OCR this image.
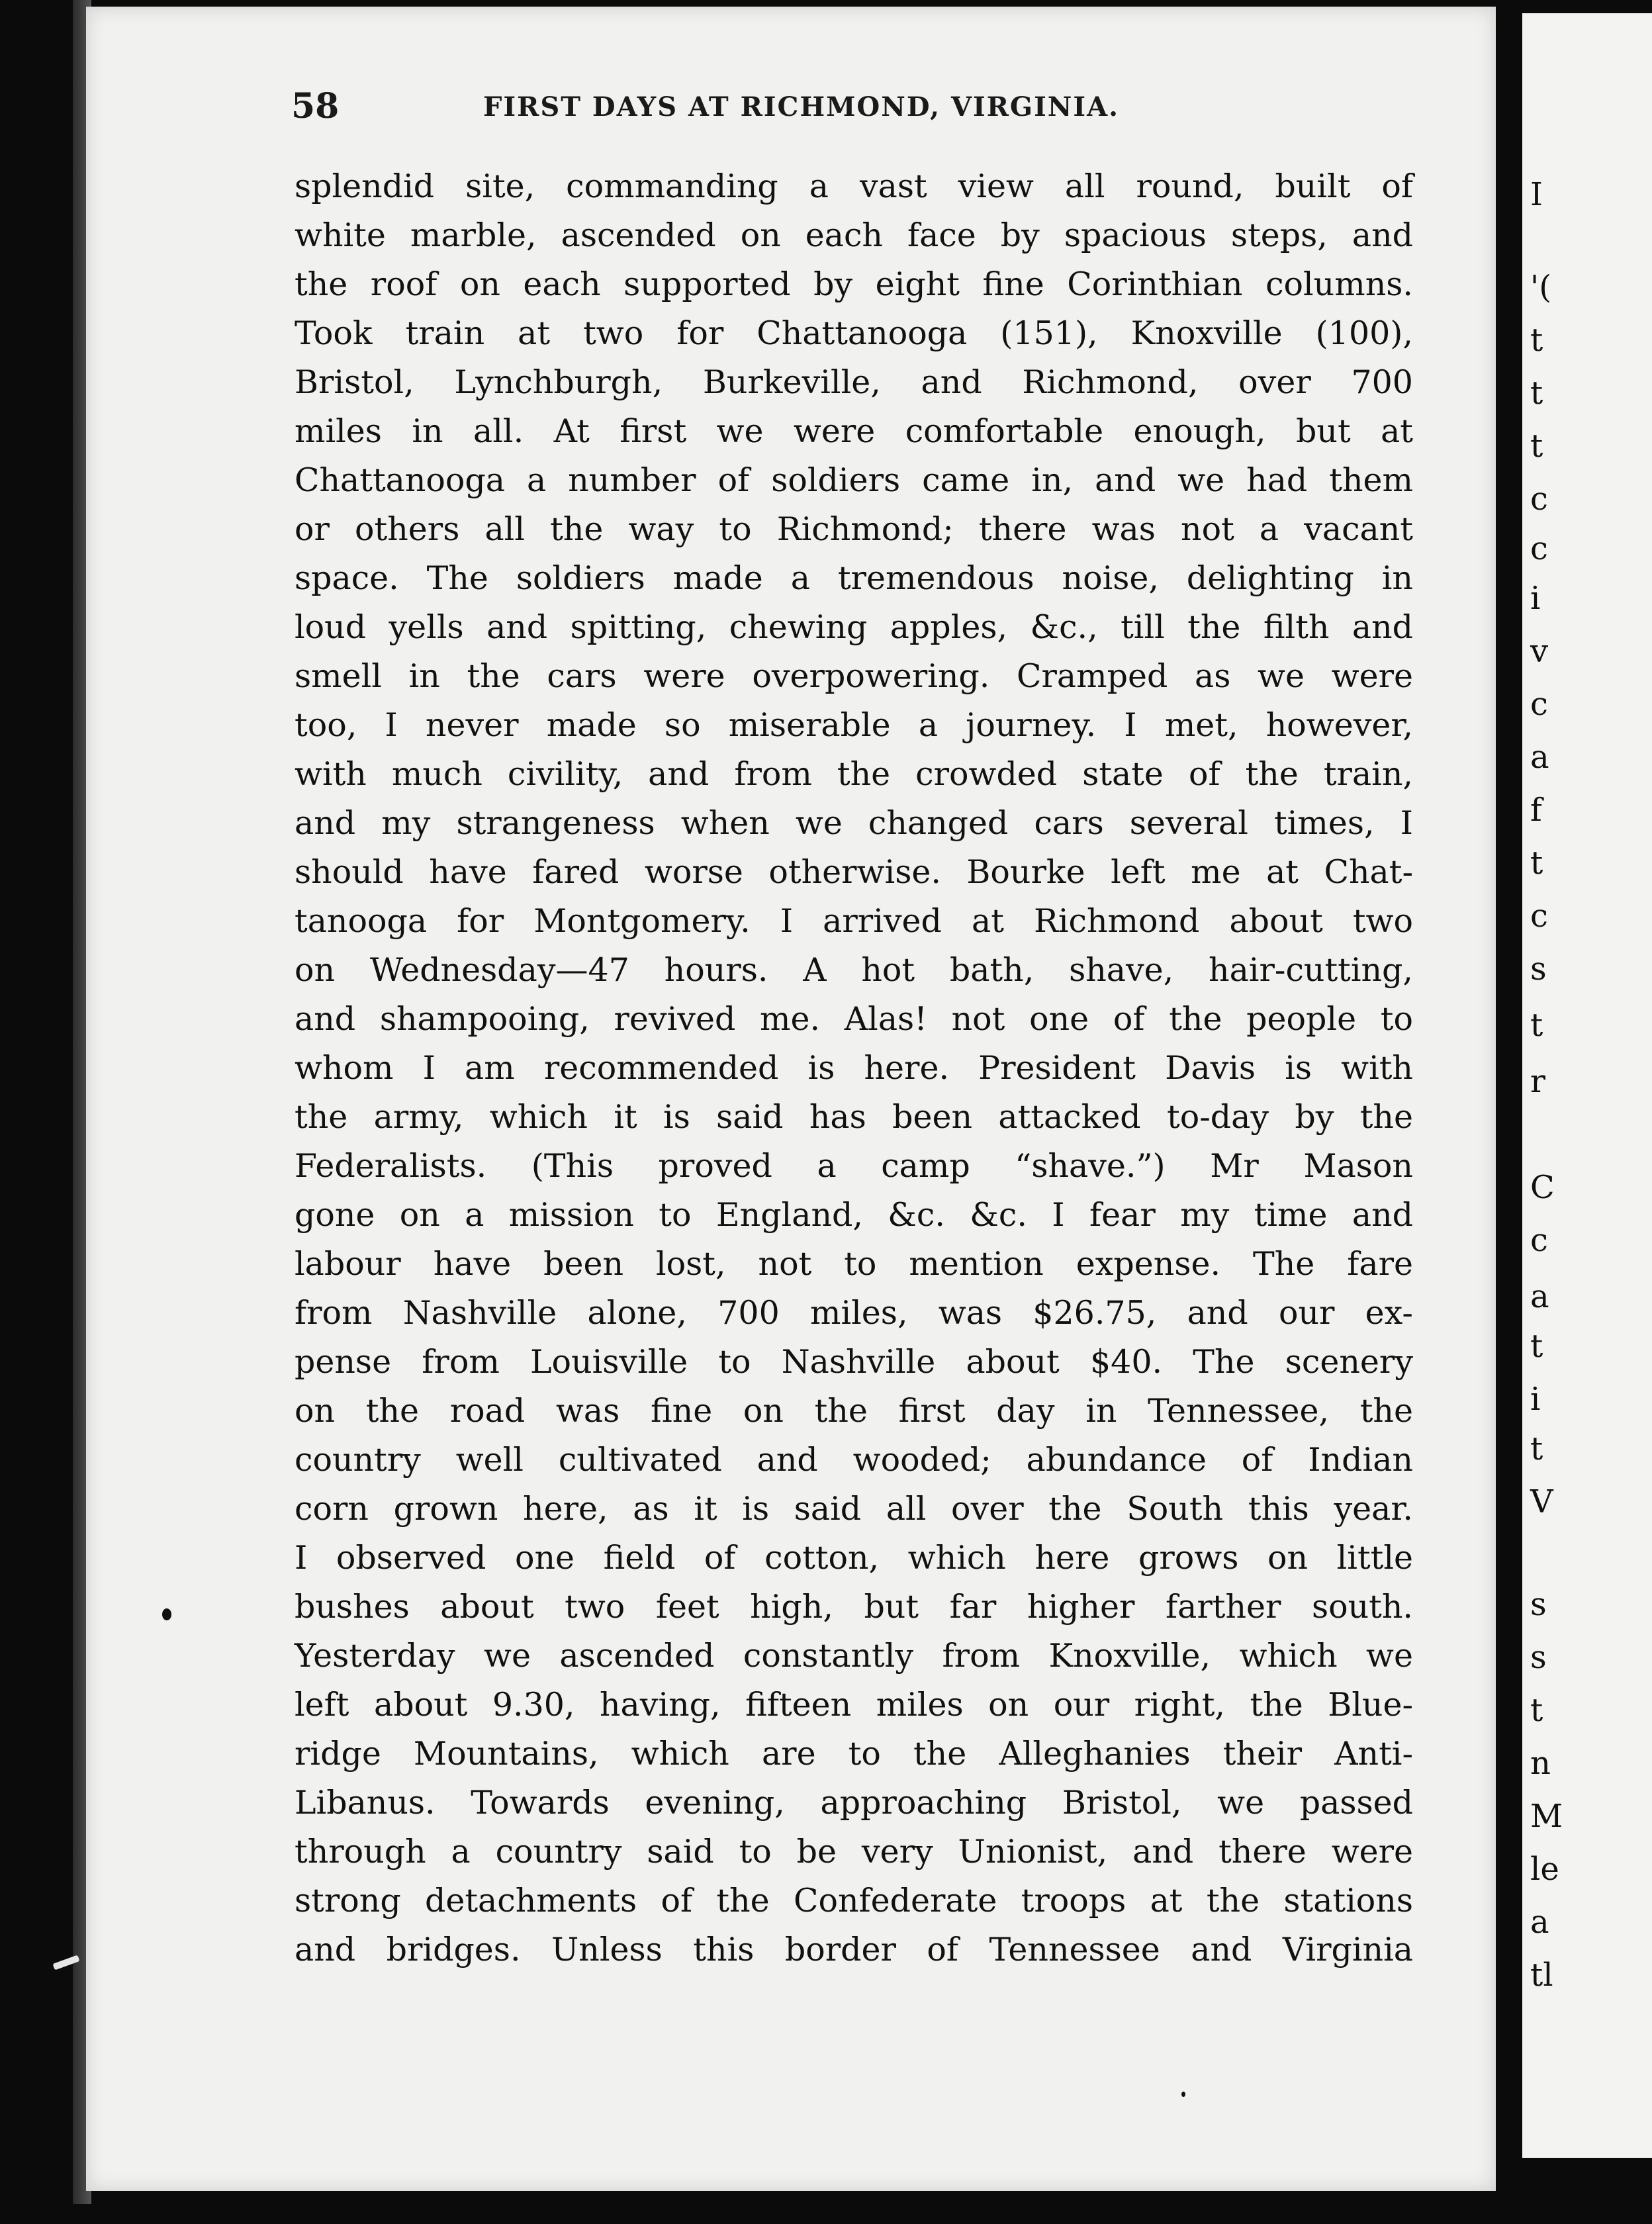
58	FIRST DAYS AT RICHMOND, VIRGINIA.
splendid site, commanding a vast view all round, built of
white marble, ascended on each face by spacious steps, and
the roof on each supported by eight fine Corinthian columns.
Took train at two for Chattanooga (151), Knoxville (100),
Bristol, Lynchburgh, Burkeville, and Richmond, over 700
miles in all. At first we were comfortable enough, but at
Chattanooga a number of soldiers came in, and we had them
or others all the way to Richmond; there was not a vacant
space. The soldiers made a tremendous noise, delighting in
loud yells and spitting, chewing apples, &c., till the filth and
smell in the cars were overpowering. Cramped as we were
too, I never made so miserable a journey. I met, however,
with much civility, and from the crowded state of the train,
and my strangeness when we changed cars several times, I
should have fared worse otherwise. Bourke left me at Chat-
tanooga for Montgomery. I arrived at Richmond about two
on Wednesday—47 hours. A hot bath, shave, hair-cutting,
and shampooing, revived me. Alas! not one of the people to
whom I am recommended is here. President Davis is with
the army, which it is said has been attacked to-day by the
Federalists. (This proved a camp “shave.”) Mr Mason
gone on a mission to England, &c. &c. I fear my time and
labour have been lost, not to mention expense. The fare
from Nashville alone, 700 miles, was $26.75, and our ex-
pense from Louisville to Nashville about $40. The scenery
on the road was fine on the first day in Tennessee, the
country well cultivated and wooded; abundance of Indian
corn grown here, as it is said all over the South this year.
I observed one field of cotton, which here grows on little
bushes about two feet high, but far higher farther south.
Yesterday we ascended constantly from Knoxville, which we
left about 9.30, having, fifteen miles on our right, the Blue-
ridge Mountains, which are to the Alleghanies their Anti-
Libanus. Towards evening, approaching Bristol, we passed
through a country said to be very Unionist, and there were
strong detachments of the Confederate troops at the stations
and bridges. Unless this border of Tennessee and Virginia
I
'(
t
t
t
c
c
i
v
c
a
f
t
c
s
t
r
C
c
a
t
i
t
V
s
s
t
n
M
le
a
tl
